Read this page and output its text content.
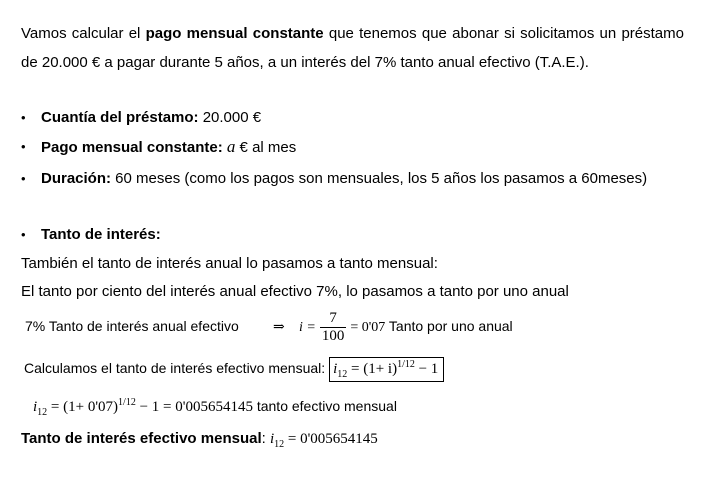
Vamos calcular el pago mensual constante que tenemos que abonar si solicitamos un préstamo de 20.000 € a pagar durante 5 años, a un interés del 7% tanto anual efectivo (T.A.E.).
•	Cuantía del préstamo: 20.000 €
•	Pago mensual constante: a € al mes
•	Duración: 60 meses (como los pagos son mensuales, los 5 años los pasamos a 60meses)
•	Tanto de interés:
También el tanto de interés anual lo pasamos a tanto mensual:
El tanto por ciento del interés anual efectivo 7%, lo pasamos a tanto por uno anual
7% Tanto de interés anual efectivo ⇒ $i = \frac{7}{100} = 0'07$ Tanto por uno anual
Calculamos el tanto de interés efectivo mensual: $i_{12} = (1+ i)^{1/12} - 1$
$i_{12} = (1+ 0'07)^{1/12} - 1 = 0'005654145$ tanto efectivo mensual
Tanto de interés efectivo mensual: $i_{12} = 0'005654145$
